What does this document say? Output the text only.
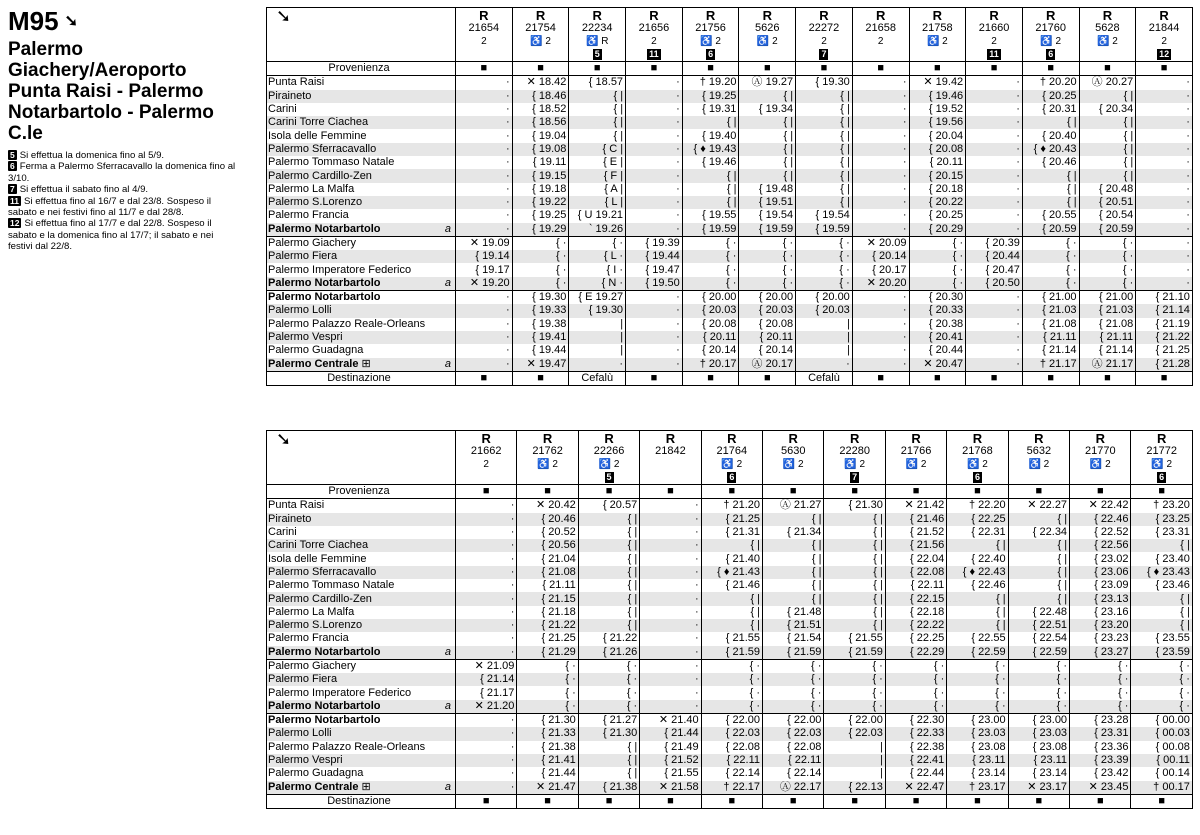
M95 ➘
Palermo Giachery/Aeroporto Punta Raisi - Palermo Notarbartolo - Palermo C.le
5 Si effettua la domenica fino al 5/9.
6 Ferma a Palermo Sferracavallo la domenica fino al 3/10.
7 Si effettua il sabato fino al 4/9.
11 Si effettua fino al 16/7 e dal 23/8. Sospeso il sabato e nei festivi fino al 11/7 e dal 28/8.
12 Si effettua fino al 17/7 e dal 22/8. Sospeso il sabato e la domenica fino al 17/7; il sabato e nei festivi dal 22/8.
➘	R
21654
2	R
21754
♿ 2	R
22234
♿ R
5	R
21656
2
11	R
21756
♿ 2
6	R
5626
♿ 2	R
22272
2
7	R
21658
2	R
21758
♿ 2	R
21660
2
11	R
21760
♿ 2
6	R
5628
♿ 2	R
21844
2
12
Provenienza	■	■	■	■	■	■	■	■	■	■	■	■	■
Punta Raisi	·	✕ 18.42	{ 18.57	·	† 19.20	Ⓐ 19.27	{ 19.30	·	✕ 19.42	·	† 20.20	Ⓐ 20.27	·
Piraineto	·	{ 18.46	{ |	·	{ 19.25	{ |	{ |	·	{ 19.46	·	{ 20.25	{ |	·
Carini	·	{ 18.52	{ |	·	{ 19.31	{ 19.34	{ |	·	{ 19.52	·	{ 20.31	{ 20.34	·
Carini Torre Ciachea	·	{ 18.56	{ |	·	{ |	{ |	{ |	·	{ 19.56	·	{ |	{ |	·
Isola delle Femmine	·	{ 19.04	{ |	·	{ 19.40	{ |	{ |	·	{ 20.04	·	{ 20.40	{ |	·
Palermo Sferracavallo	·	{ 19.08	{ C |	·	{ ♦ 19.43	{ |	{ |	·	{ 20.08	·	{ ♦ 20.43	{ |	·
Palermo Tommaso Natale	·	{ 19.11	{ E |	·	{ 19.46	{ |	{ |	·	{ 20.11	·	{ 20.46	{ |	·
Palermo Cardillo-Zen	·	{ 19.15	{ F |	·	{ |	{ |	{ |	·	{ 20.15	·	{ |	{ |	·
Palermo La Malfa	·	{ 19.18	{ A |	·	{ |	{ 19.48	{ |	·	{ 20.18	·	{ |	{ 20.48	·
Palermo S.Lorenzo	·	{ 19.22	{ L |	·	{ |	{ 19.51	{ |	·	{ 20.22	·	{ |	{ 20.51	·
Palermo Francia	·	{ 19.25	{ U 19.21	·	{ 19.55	{ 19.54	{ 19.54	·	{ 20.25	·	{ 20.55	{ 20.54	·
Palermo Notarbartolo a	·	{ 19.29	` 19.26	·	{ 19.59	{ 19.59	{ 19.59	·	{ 20.29	·	{ 20.59	{ 20.59	·
Palermo Giachery	✕ 19.09	{ ·	{ ·	{ 19.39	{ ·	{ ·	{ ·	✕ 20.09	{ ·	{ 20.39	{ ·	{ ·	·
Palermo Fiera	{ 19.14	{ ·	{ L ·	{ 19.44	{ ·	{ ·	{ ·	{ 20.14	{ ·	{ 20.44	{ ·	{ ·	·
Palermo Imperatore Federico	{ 19.17	{ ·	{ I ·	{ 19.47	{ ·	{ ·	{ ·	{ 20.17	{ ·	{ 20.47	{ ·	{ ·	·
Palermo Notarbartolo a	✕ 19.20	{ ·	{ N ·	{ 19.50	{ ·	{ ·	{ ·	✕ 20.20	{ ·	{ 20.50	{ ·	{ ·	·
Palermo Notarbartolo	·	{ 19.30	{ E 19.27	·	{ 20.00	{ 20.00	{ 20.00	·	{ 20.30	·	{ 21.00	{ 21.00	{ 21.10
Palermo Lolli	·	{ 19.33	{ 19.30	·	{ 20.03	{ 20.03	{ 20.03	·	{ 20.33	·	{ 21.03	{ 21.03	{ 21.14
Palermo Palazzo Reale-Orleans	·	{ 19.38	|	·	{ 20.08	{ 20.08	|	·	{ 20.38	·	{ 21.08	{ 21.08	{ 21.19
Palermo Vespri	·	{ 19.41	|	·	{ 20.11	{ 20.11	|	·	{ 20.41	·	{ 21.11	{ 21.11	{ 21.22
Palermo Guadagna	·	{ 19.44	|	·	{ 20.14	{ 20.14	|	·	{ 20.44	·	{ 21.14	{ 21.14	{ 21.25
Palermo Centrale ⊞ a	·	✕ 19.47	·	·	† 20.17	Ⓐ 20.17	·	·	✕ 20.47	·	† 21.17	Ⓐ 21.17	{ 21.28
Destinazione	■	■	Cefalù	■	■	■	Cefalù	■	■	■	■	■	■
➘	R
21662
2	R
21762
♿ 2	R
22266
♿ 2
5	R
21842	R
21764
♿ 2
6	R
5630
♿ 2	R
22280
♿ 2
7	R
21766
♿ 2	R
21768
♿ 2
6	R
5632
♿ 2	R
21770
♿ 2	R
21772
♿ 2
6
Provenienza	■	■	■	■	■	■	■	■	■	■	■	■
Punta Raisi	·	✕ 20.42	{ 20.57	·	† 21.20	Ⓐ 21.27	{ 21.30	✕ 21.42	† 22.20	✕ 22.27	✕ 22.42	† 23.20
Piraineto	·	{ 20.46	{ |	·	{ 21.25	{ |	{ |	{ 21.46	{ 22.25	{ |	{ 22.46	{ 23.25
Carini	·	{ 20.52	{ |	·	{ 21.31	{ 21.34	{ |	{ 21.52	{ 22.31	{ 22.34	{ 22.52	{ 23.31
Carini Torre Ciachea	·	{ 20.56	{ |	·	{ |	{ |	{ |	{ 21.56	{ |	{ |	{ 22.56	{ |
Isola delle Femmine	·	{ 21.04	{ |	·	{ 21.40	{ |	{ |	{ 22.04	{ 22.40	{ |	{ 23.02	{ 23.40
Palermo Sferracavallo	·	{ 21.08	{ |	·	{ ♦ 21.43	{ |	{ |	{ 22.08	{ ♦ 22.43	{ |	{ 23.06	{ ♦ 23.43
Palermo Tommaso Natale	·	{ 21.11	{ |	·	{ 21.46	{ |	{ |	{ 22.11	{ 22.46	{ |	{ 23.09	{ 23.46
Palermo Cardillo-Zen	·	{ 21.15	{ |	·	{ |	{ |	{ |	{ 22.15	{ |	{ |	{ 23.13	{ |
Palermo La Malfa	·	{ 21.18	{ |	·	{ |	{ 21.48	{ |	{ 22.18	{ |	{ 22.48	{ 23.16	{ |
Palermo S.Lorenzo	·	{ 21.22	{ |	·	{ |	{ 21.51	{ |	{ 22.22	{ |	{ 22.51	{ 23.20	{ |
Palermo Francia	·	{ 21.25	{ 21.22	·	{ 21.55	{ 21.54	{ 21.55	{ 22.25	{ 22.55	{ 22.54	{ 23.23	{ 23.55
Palermo Notarbartolo a	·	{ 21.29	{ 21.26	·	{ 21.59	{ 21.59	{ 21.59	{ 22.29	{ 22.59	{ 22.59	{ 23.27	{ 23.59
Palermo Giachery	✕ 21.09	{ ·	{ ·	·	{ ·	{ ·	{ ·	{ ·	{ ·	{ ·	{ ·	{ ·
Palermo Fiera	{ 21.14	{ ·	{ ·	·	{ ·	{ ·	{ ·	{ ·	{ ·	{ ·	{ ·	{ ·
Palermo Imperatore Federico	{ 21.17	{ ·	{ ·	·	{ ·	{ ·	{ ·	{ ·	{ ·	{ ·	{ ·	{ ·
Palermo Notarbartolo a	✕ 21.20	{ ·	{ ·	·	{ ·	{ ·	{ ·	{ ·	{ ·	{ ·	{ ·	{ ·
Palermo Notarbartolo	·	{ 21.30	{ 21.27	✕ 21.40	{ 22.00	{ 22.00	{ 22.00	{ 22.30	{ 23.00	{ 23.00	{ 23.28	{ 00.00
Palermo Lolli	·	{ 21.33	{ 21.30	{ 21.44	{ 22.03	{ 22.03	{ 22.03	{ 22.33	{ 23.03	{ 23.03	{ 23.31	{ 00.03
Palermo Palazzo Reale-Orleans	·	{ 21.38	{ |	{ 21.49	{ 22.08	{ 22.08	|	{ 22.38	{ 23.08	{ 23.08	{ 23.36	{ 00.08
Palermo Vespri	·	{ 21.41	{ |	{ 21.52	{ 22.11	{ 22.11	|	{ 22.41	{ 23.11	{ 23.11	{ 23.39	{ 00.11
Palermo Guadagna	·	{ 21.44	{ |	{ 21.55	{ 22.14	{ 22.14	|	{ 22.44	{ 23.14	{ 23.14	{ 23.42	{ 00.14
Palermo Centrale ⊞ a	·	✕ 21.47	{ 21.38	✕ 21.58	† 22.17	Ⓐ 22.17	{ 22.13	✕ 22.47	† 23.17	✕ 23.17	✕ 23.45	† 00.17
Destinazione	■	■	■	■	■	■	■	■	■	■	■	■
